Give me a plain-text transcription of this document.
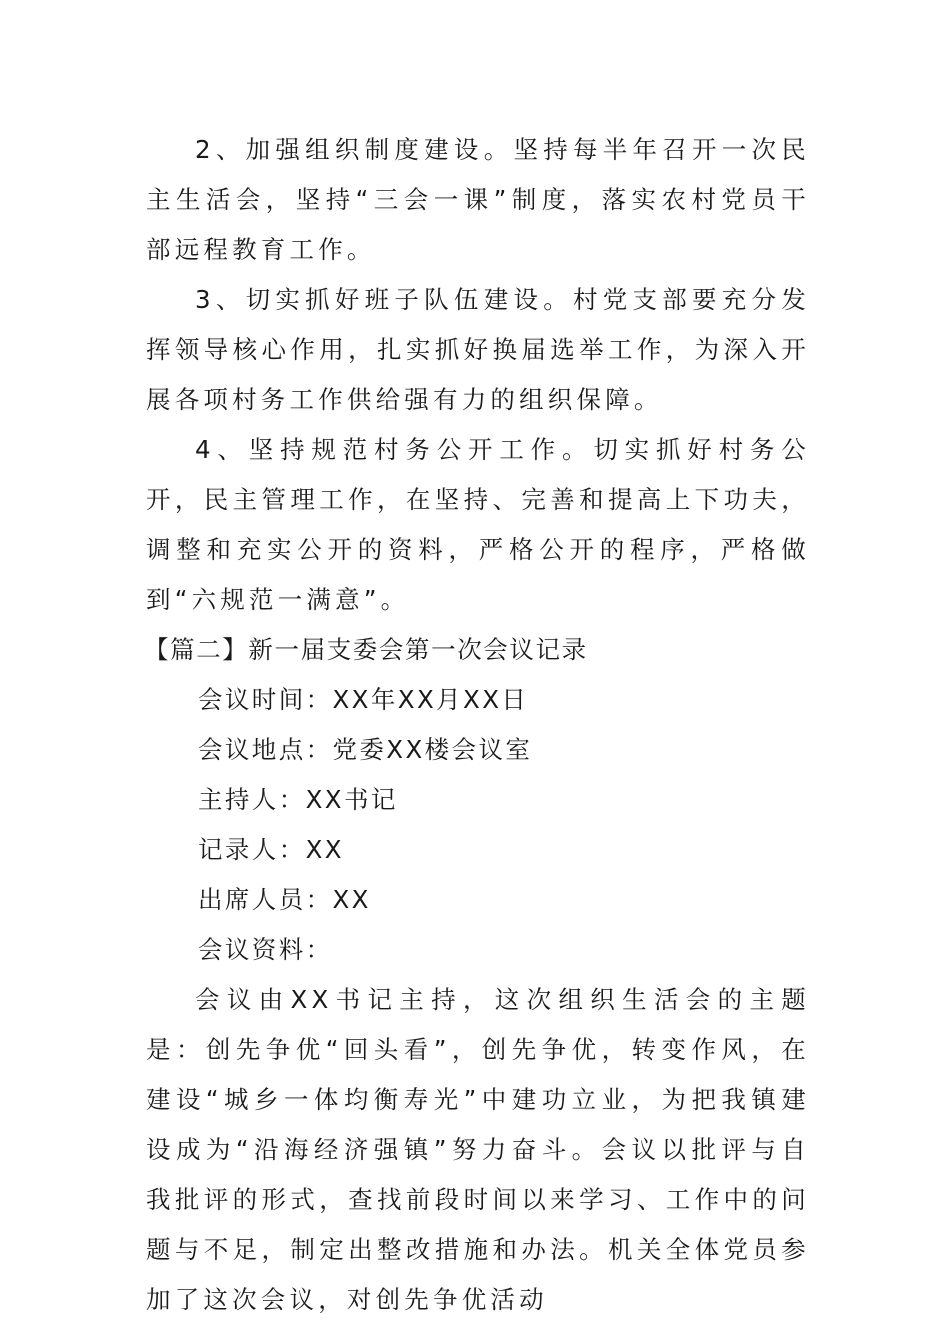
2、加强组织制度建设。坚持每半年召开一次民主生活会，坚持“三会一课”制度，落实农村党员干部远程教育工作。

3、切实抓好班子队伍建设。村党支部要充分发挥领导核心作用，扎实抓好换届选举工作，为深入开展各项村务工作供给强有力的组织保障。

4、坚持规范村务公开工作。切实抓好村务公开，民主管理工作，在坚持、完善和提高上下功夫，调整和充实公开的资料，严格公开的程序，严格做到“六规范一满意”。

【篇二】新一届支委会第一次会议记录

会议时间：XX年XX月XX日

会议地点：党委XX楼会议室

主持人：XX书记

记录人：XX

出席人员：XX

会议资料：

会议由XX书记主持，这次组织生活会的主题是：创先争优“回头看”，创先争优，转变作风，在建设“城乡一体均衡寿光”中建功立业，为把我镇建设成为“沿海经济强镇”努力奋斗。会议以批评与自我批评的形式，查找前段时间以来学习、工作中的问题与不足，制定出整改措施和办法。机关全体党员参加了这次会议，对创先争优活动
